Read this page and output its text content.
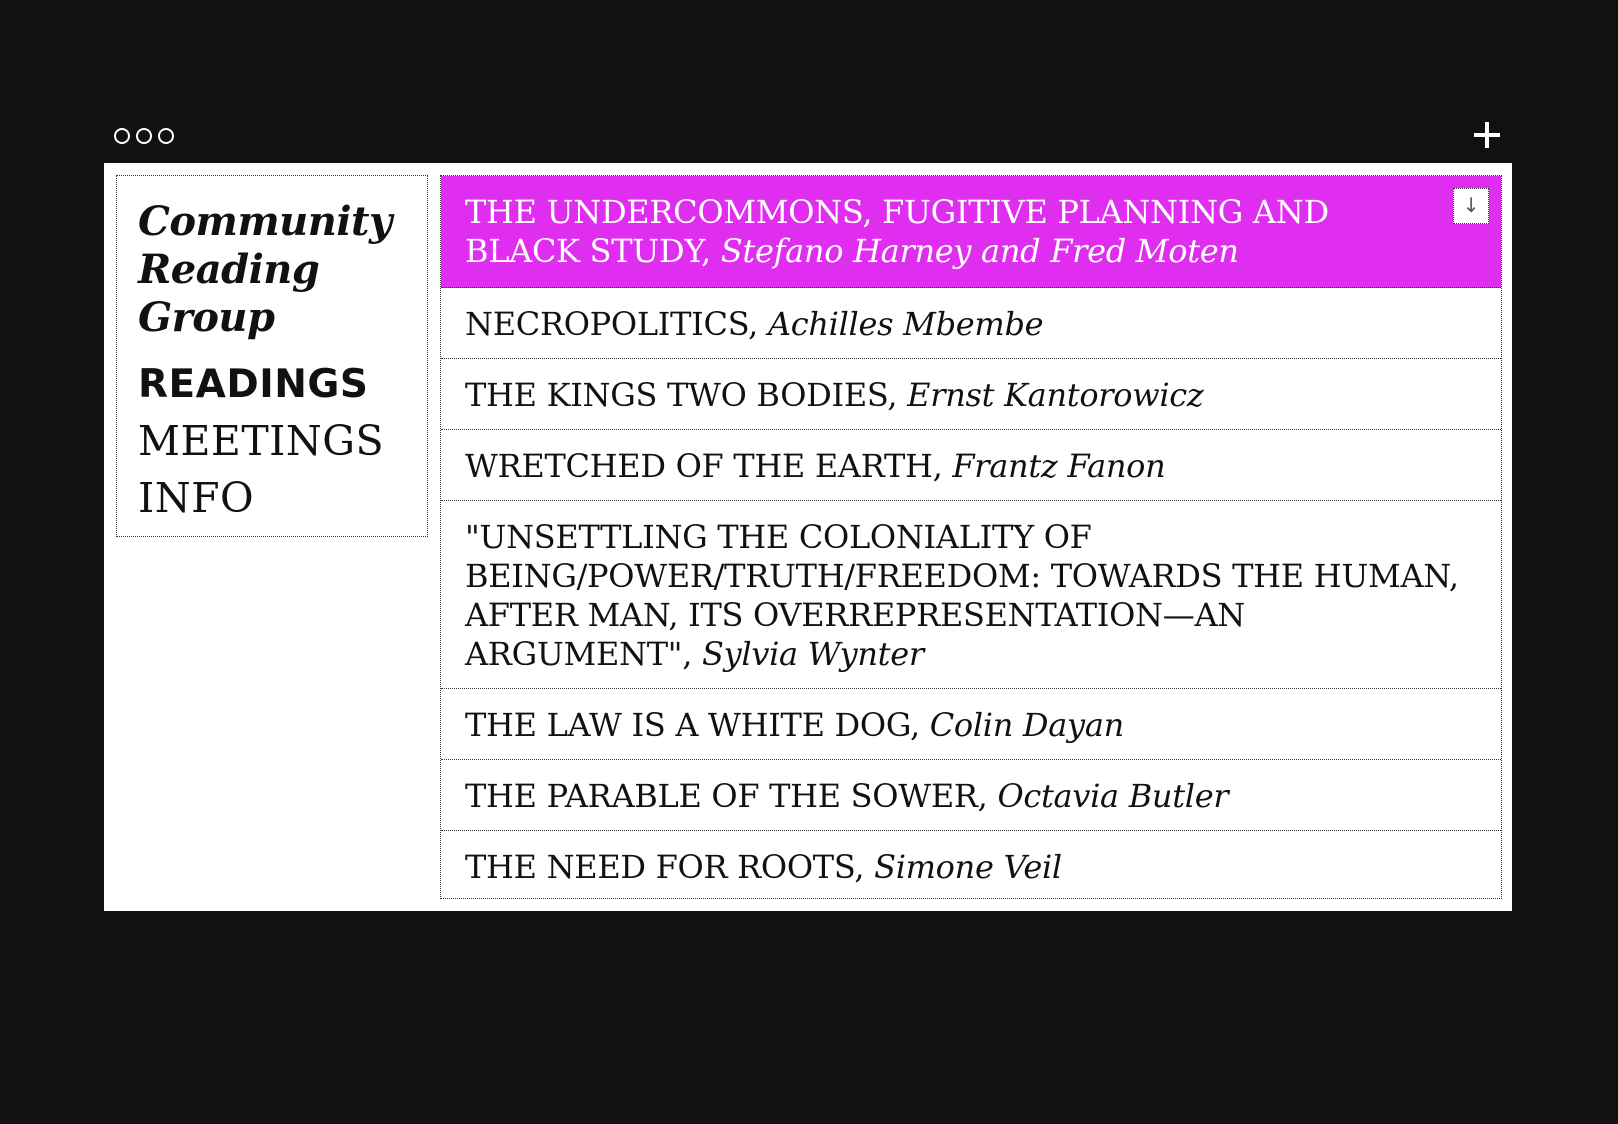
Community Reading Group
READINGS
MEETINGS
INFO
THE UNDERCOMMONS, FUGITIVE PLANNING AND BLACK STUDY, Stefano Harney and Fred Moten
↓
NECROPOLITICS, Achilles Mbembe
THE KINGS TWO BODIES, Ernst Kantorowicz
WRETCHED OF THE EARTH, Frantz Fanon
"UNSETTLING THE COLONIALITY OF BEING/POWER/TRUTH/FREEDOM: TOWARDS THE HUMAN, AFTER MAN, ITS OVERREPRESENTATION—AN ARGUMENT", Sylvia Wynter
THE LAW IS A WHITE DOG, Colin Dayan
THE PARABLE OF THE SOWER, Octavia Butler
THE NEED FOR ROOTS, Simone Veil
